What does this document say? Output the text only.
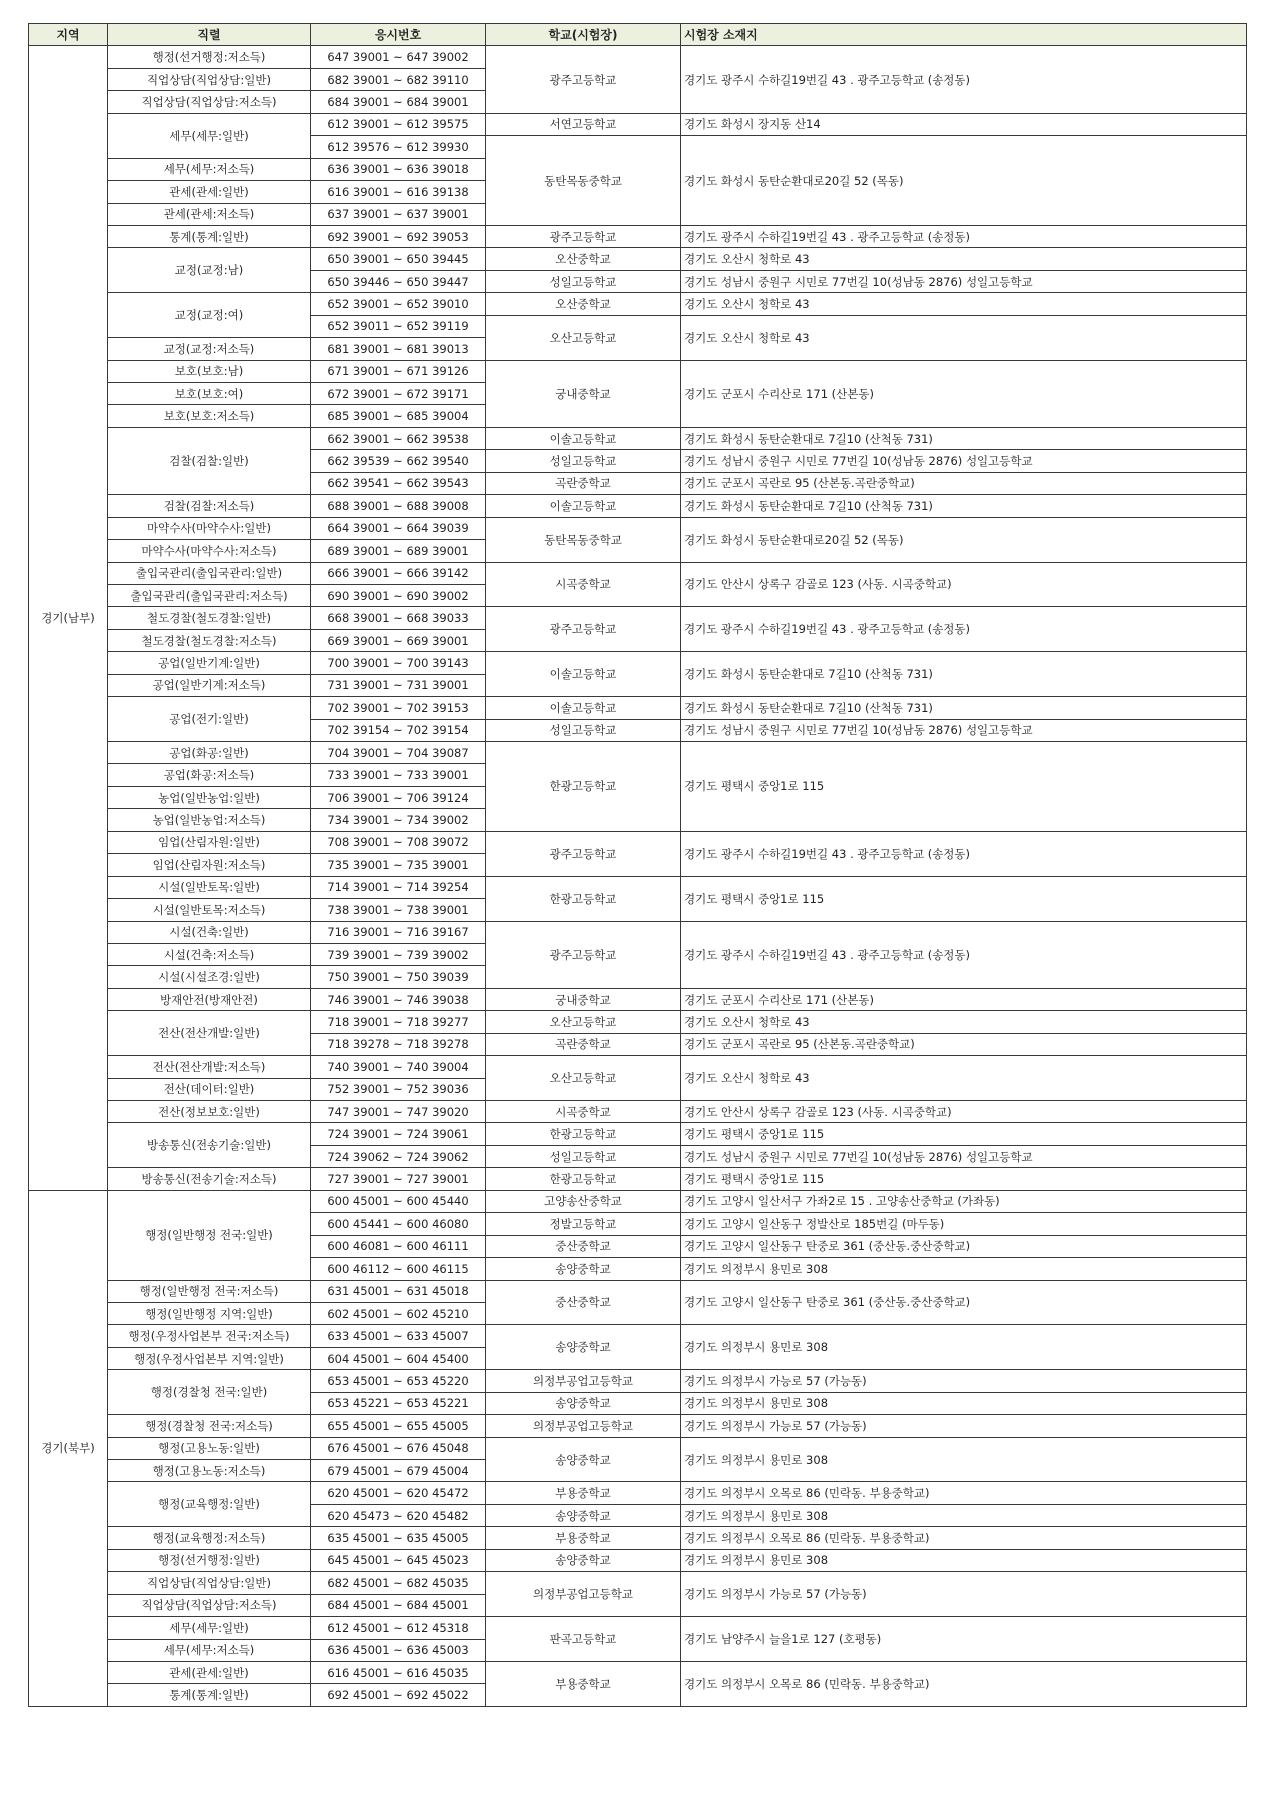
지역	직렬	응시번호	학교(시험장)	시험장 소재지
경기(남부)	행정(선거행정:저소득)	647 39001 ~ 647 39002	광주고등학교	경기도 광주시 수하길19번길 43 . 광주고등학교 (송정동)
	직업상담(직업상담:일반)	682 39001 ~ 682 39110		
	직업상담(직업상담:저소득)	684 39001 ~ 684 39001		
	세무(세무:일반)	612 39001 ~ 612 39575	서연고등학교	경기도 화성시 장지동 산14
		612 39576 ~ 612 39930	동탄목동중학교	경기도 화성시 동탄순환대로20길 52 (목동)
	세무(세무:저소득)	636 39001 ~ 636 39018		
	관세(관세:일반)	616 39001 ~ 616 39138		
	관세(관세:저소득)	637 39001 ~ 637 39001		
	통계(통계:일반)	692 39001 ~ 692 39053	광주고등학교	경기도 광주시 수하길19번길 43 . 광주고등학교 (송정동)
	교정(교정:남)	650 39001 ~ 650 39445	오산중학교	경기도 오산시 청학로 43
		650 39446 ~ 650 39447	성일고등학교	경기도 성남시 중원구 시민로 77번길 10(성남동 2876) 성일고등학교
	교정(교정:여)	652 39001 ~ 652 39010	오산중학교	경기도 오산시 청학로 43
		652 39011 ~ 652 39119	오산고등학교	경기도 오산시 청학로 43
	교정(교정:저소득)	681 39001 ~ 681 39013		
	보호(보호:남)	671 39001 ~ 671 39126	궁내중학교	경기도 군포시 수리산로 171 (산본동)
	보호(보호:여)	672 39001 ~ 672 39171		
	보호(보호:저소득)	685 39001 ~ 685 39004		
	검찰(검찰:일반)	662 39001 ~ 662 39538	이솔고등학교	경기도 화성시 동탄순환대로 7길10 (산척동 731)
		662 39539 ~ 662 39540	성일고등학교	경기도 성남시 중원구 시민로 77번길 10(성남동 2876) 성일고등학교
		662 39541 ~ 662 39543	곡란중학교	경기도 군포시 곡란로 95 (산본동.곡란중학교)
	검찰(검찰:저소득)	688 39001 ~ 688 39008	이솔고등학교	경기도 화성시 동탄순환대로 7길10 (산척동 731)
	마약수사(마약수사:일반)	664 39001 ~ 664 39039	동탄목동중학교	경기도 화성시 동탄순환대로20길 52 (목동)
	마약수사(마약수사:저소득)	689 39001 ~ 689 39001		
	출입국관리(출입국관리:일반)	666 39001 ~ 666 39142	시곡중학교	경기도 안산시 상록구 감골로 123 (사동. 시곡중학교)
	출입국관리(출입국관리:저소득)	690 39001 ~ 690 39002		
	철도경찰(철도경찰:일반)	668 39001 ~ 668 39033	광주고등학교	경기도 광주시 수하길19번길 43 . 광주고등학교 (송정동)
	철도경찰(철도경찰:저소득)	669 39001 ~ 669 39001		
	공업(일반기계:일반)	700 39001 ~ 700 39143	이솔고등학교	경기도 화성시 동탄순환대로 7길10 (산척동 731)
	공업(일반기계:저소득)	731 39001 ~ 731 39001		
	공업(전기:일반)	702 39001 ~ 702 39153	이솔고등학교	경기도 화성시 동탄순환대로 7길10 (산척동 731)
		702 39154 ~ 702 39154	성일고등학교	경기도 성남시 중원구 시민로 77번길 10(성남동 2876) 성일고등학교
	공업(화공:일반)	704 39001 ~ 704 39087	한광고등학교	경기도 평택시 중앙1로 115
	공업(화공:저소득)	733 39001 ~ 733 39001		
	농업(일반농업:일반)	706 39001 ~ 706 39124		
	농업(일반농업:저소득)	734 39001 ~ 734 39002		
	임업(산림자원:일반)	708 39001 ~ 708 39072	광주고등학교	경기도 광주시 수하길19번길 43 . 광주고등학교 (송정동)
	임업(산림자원:저소득)	735 39001 ~ 735 39001		
	시설(일반토목:일반)	714 39001 ~ 714 39254	한광고등학교	경기도 평택시 중앙1로 115
	시설(일반토목:저소득)	738 39001 ~ 738 39001		
	시설(건축:일반)	716 39001 ~ 716 39167	광주고등학교	경기도 광주시 수하길19번길 43 . 광주고등학교 (송정동)
	시설(건축:저소득)	739 39001 ~ 739 39002		
	시설(시설조경:일반)	750 39001 ~ 750 39039		
	방재안전(방재안전)	746 39001 ~ 746 39038	궁내중학교	경기도 군포시 수리산로 171 (산본동)
	전산(전산개발:일반)	718 39001 ~ 718 39277	오산고등학교	경기도 오산시 청학로 43
		718 39278 ~ 718 39278	곡란중학교	경기도 군포시 곡란로 95 (산본동.곡란중학교)
	전산(전산개발:저소득)	740 39001 ~ 740 39004	오산고등학교	경기도 오산시 청학로 43
	전산(데이터:일반)	752 39001 ~ 752 39036		
	전산(정보보호:일반)	747 39001 ~ 747 39020	시곡중학교	경기도 안산시 상록구 감골로 123 (사동. 시곡중학교)
	방송통신(전송기술:일반)	724 39001 ~ 724 39061	한광고등학교	경기도 평택시 중앙1로 115
		724 39062 ~ 724 39062	성일고등학교	경기도 성남시 중원구 시민로 77번길 10(성남동 2876) 성일고등학교
	방송통신(전송기술:저소득)	727 39001 ~ 727 39001	한광고등학교	경기도 평택시 중앙1로 115
경기(북부)	행정(일반행정 전국:일반)	600 45001 ~ 600 45440	고양송산중학교	경기도 고양시 일산서구 가좌2로 15 . 고양송산중학교 (가좌동)
		600 45441 ~ 600 46080	정발고등학교	경기도 고양시 일산동구 정발산로 185번길 (마두동)
		600 46081 ~ 600 46111	중산중학교	경기도 고양시 일산동구 탄중로 361 (중산동.중산중학교)
		600 46112 ~ 600 46115	송양중학교	경기도 의정부시 용민로 308
	행정(일반행정 전국:저소득)	631 45001 ~ 631 45018	중산중학교	경기도 고양시 일산동구 탄중로 361 (중산동.중산중학교)
	행정(일반행정 지역:일반)	602 45001 ~ 602 45210		
	행정(우정사업본부 전국:저소득)	633 45001 ~ 633 45007	송양중학교	경기도 의정부시 용민로 308
	행정(우정사업본부 지역:일반)	604 45001 ~ 604 45400		
	행정(경찰청 전국:일반)	653 45001 ~ 653 45220	의정부공업고등학교	경기도 의정부시 가능로 57 (가능동)
		653 45221 ~ 653 45221	송양중학교	경기도 의정부시 용민로 308
	행정(경찰청 전국:저소득)	655 45001 ~ 655 45005	의정부공업고등학교	경기도 의정부시 가능로 57 (가능동)
	행정(고용노동:일반)	676 45001 ~ 676 45048	송양중학교	경기도 의정부시 용민로 308
	행정(고용노동:저소득)	679 45001 ~ 679 45004		
	행정(교육행정:일반)	620 45001 ~ 620 45472	부용중학교	경기도 의정부시 오목로 86 (민락동. 부용중학교)
		620 45473 ~ 620 45482	송양중학교	경기도 의정부시 용민로 308
	행정(교육행정:저소득)	635 45001 ~ 635 45005	부용중학교	경기도 의정부시 오목로 86 (민락동. 부용중학교)
	행정(선거행정:일반)	645 45001 ~ 645 45023	송양중학교	경기도 의정부시 용민로 308
	직업상담(직업상담:일반)	682 45001 ~ 682 45035	의정부공업고등학교	경기도 의정부시 가능로 57 (가능동)
	직업상담(직업상담:저소득)	684 45001 ~ 684 45001		
	세무(세무:일반)	612 45001 ~ 612 45318	판곡고등학교	경기도 남양주시 늘을1로 127 (호평동)
	세무(세무:저소득)	636 45001 ~ 636 45003		
	관세(관세:일반)	616 45001 ~ 616 45035	부용중학교	경기도 의정부시 오목로 86 (민락동. 부용중학교)
	통계(통계:일반)	692 45001 ~ 692 45022		
